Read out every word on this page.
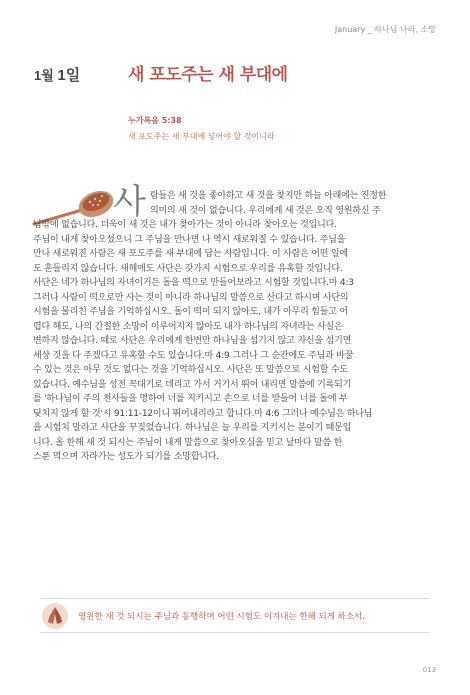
January _ 하나님 나라, 소망
1월 1일	새 포도주는 새 부대에
누가복음 5:38
새 포도주는 새 부대에 넣어야 할 것이니라
사 람들은 새 것을 좋아하고 새 것을 찾지만 하늘 아래에는 진정한
의미의 새 것이 없습니다. 우리에게 새 것은 오직 영원하신 주
님밖에 없습니다. 더욱이 새 것은 내가 찾아가는 것이 아니라 찾아오는 것입니다.
주님이 내게 찾아오셨으니 그 주님을 만나면 나 역시 새로워질 수 있습니다. 주님을
만나 새로워진 사람은 새 포도주를 새 부대에 담는 사람입니다. 이 사람은 어떤 일에
도 흔들리지 않습니다. 새해에도 사단은 갖가지 시험으로 우리를 유혹할 것입니다.
사단은 네가 하나님의 자녀이거든 돌을 떡으로 만들어보라고 시험할 것입니다.마 4:3
그러나 사람이 떡으로만 사는 것이 아니라 하나님의 말씀으로 산다고 하시며 사단의
시험을 물리친 주님을 기억하십시오. 돌이 떡이 되지 않아도, 내가 아무리 힘들고 어
렵다 해도, 나의 간절한 소망이 이루어지지 않아도 내가 하나님의 자녀라는 사실은
변하지 않습니다. 때로 사단은 우리에게 한번만 하나님을 섬기지 않고 자신을 섬기면
세상 것을 다 주겠다고 유혹할 수도 있습니다.마 4:9 그러나 그 순간에도 주님과 바꿀
수 있는 것은 아무 것도 없다는 것을 기억하십시오. 사단은 또 말씀으로 시험할 수도
있습니다. 예수님을 성전 꼭대기로 데리고 가서 거기서 뛰어 내리면 말씀에 기록되기
를 '하나님이 주의 천사들을 명하여 너를 지키시고 손으로 너를 받들어 너를 돌에 부
딪치지 않게 할 것'시 91:11-12이니 뛰어내리라고 합니다.마 4:6 그러나 예수님은 하나님
을 시험치 말라고 사단을 꾸짖었습니다. 하나님은 늘 우리를 지키시는 분이기 때문입
니다. 올 한해 새 것 되시는 주님이 내게 말씀으로 찾아오심을 믿고 날마다 말씀 한
스푼 먹으며 자라가는 성도가 되기를 소망합니다.
영원한 새 것 되시는 주님과 동행하며 어떤 시험도 이겨내는 한해 되게 하소서.
013
